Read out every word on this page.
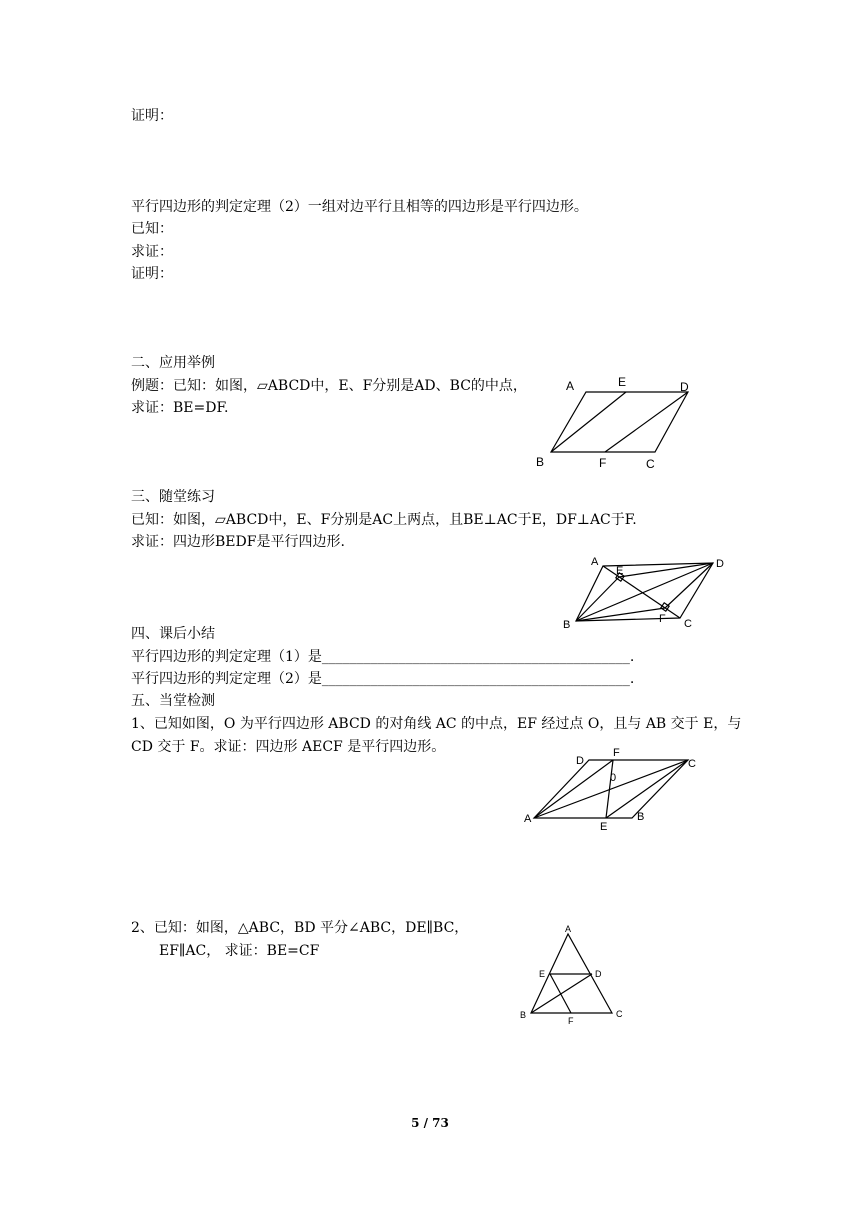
证明：
平行四边形的判定定理（2）一组对边平行且相等的四边形是平行四边形。
已知：
求证：
证明：
二、应用举例
例题：已知：如图，▱ABCD中，E、F分别是AD、BC的中点，
求证：BE=DF.
A	E	D
B	F	C
三、随堂练习
已知：如图，▱ABCD中，E、F分别是AC上两点，且BE⊥AC于E，DF⊥AC于F.
求证：四边形BEDF是平行四边形.
A
E
D
B	F C
四、课后小结
平行四边形的判定定理（1）是____________________________________________.
平行四边形的判定定理（2）是____________________________________________.
五、当堂检测
1、已知如图，O 为平行四边形 ABCD 的对角线 AC 的中点，EF 经过点 O，且与 AB 交于 E，与
CD 交于 F。求证：四边形 AECF 是平行四边形。
D
F
C
0
A
E
B
2、已知：如图，△ABC，BD 平分∠ABC，DE∥BC，
EF∥AC， 求证：BE=CF
A
E	D
B
F
C
5 / 73
